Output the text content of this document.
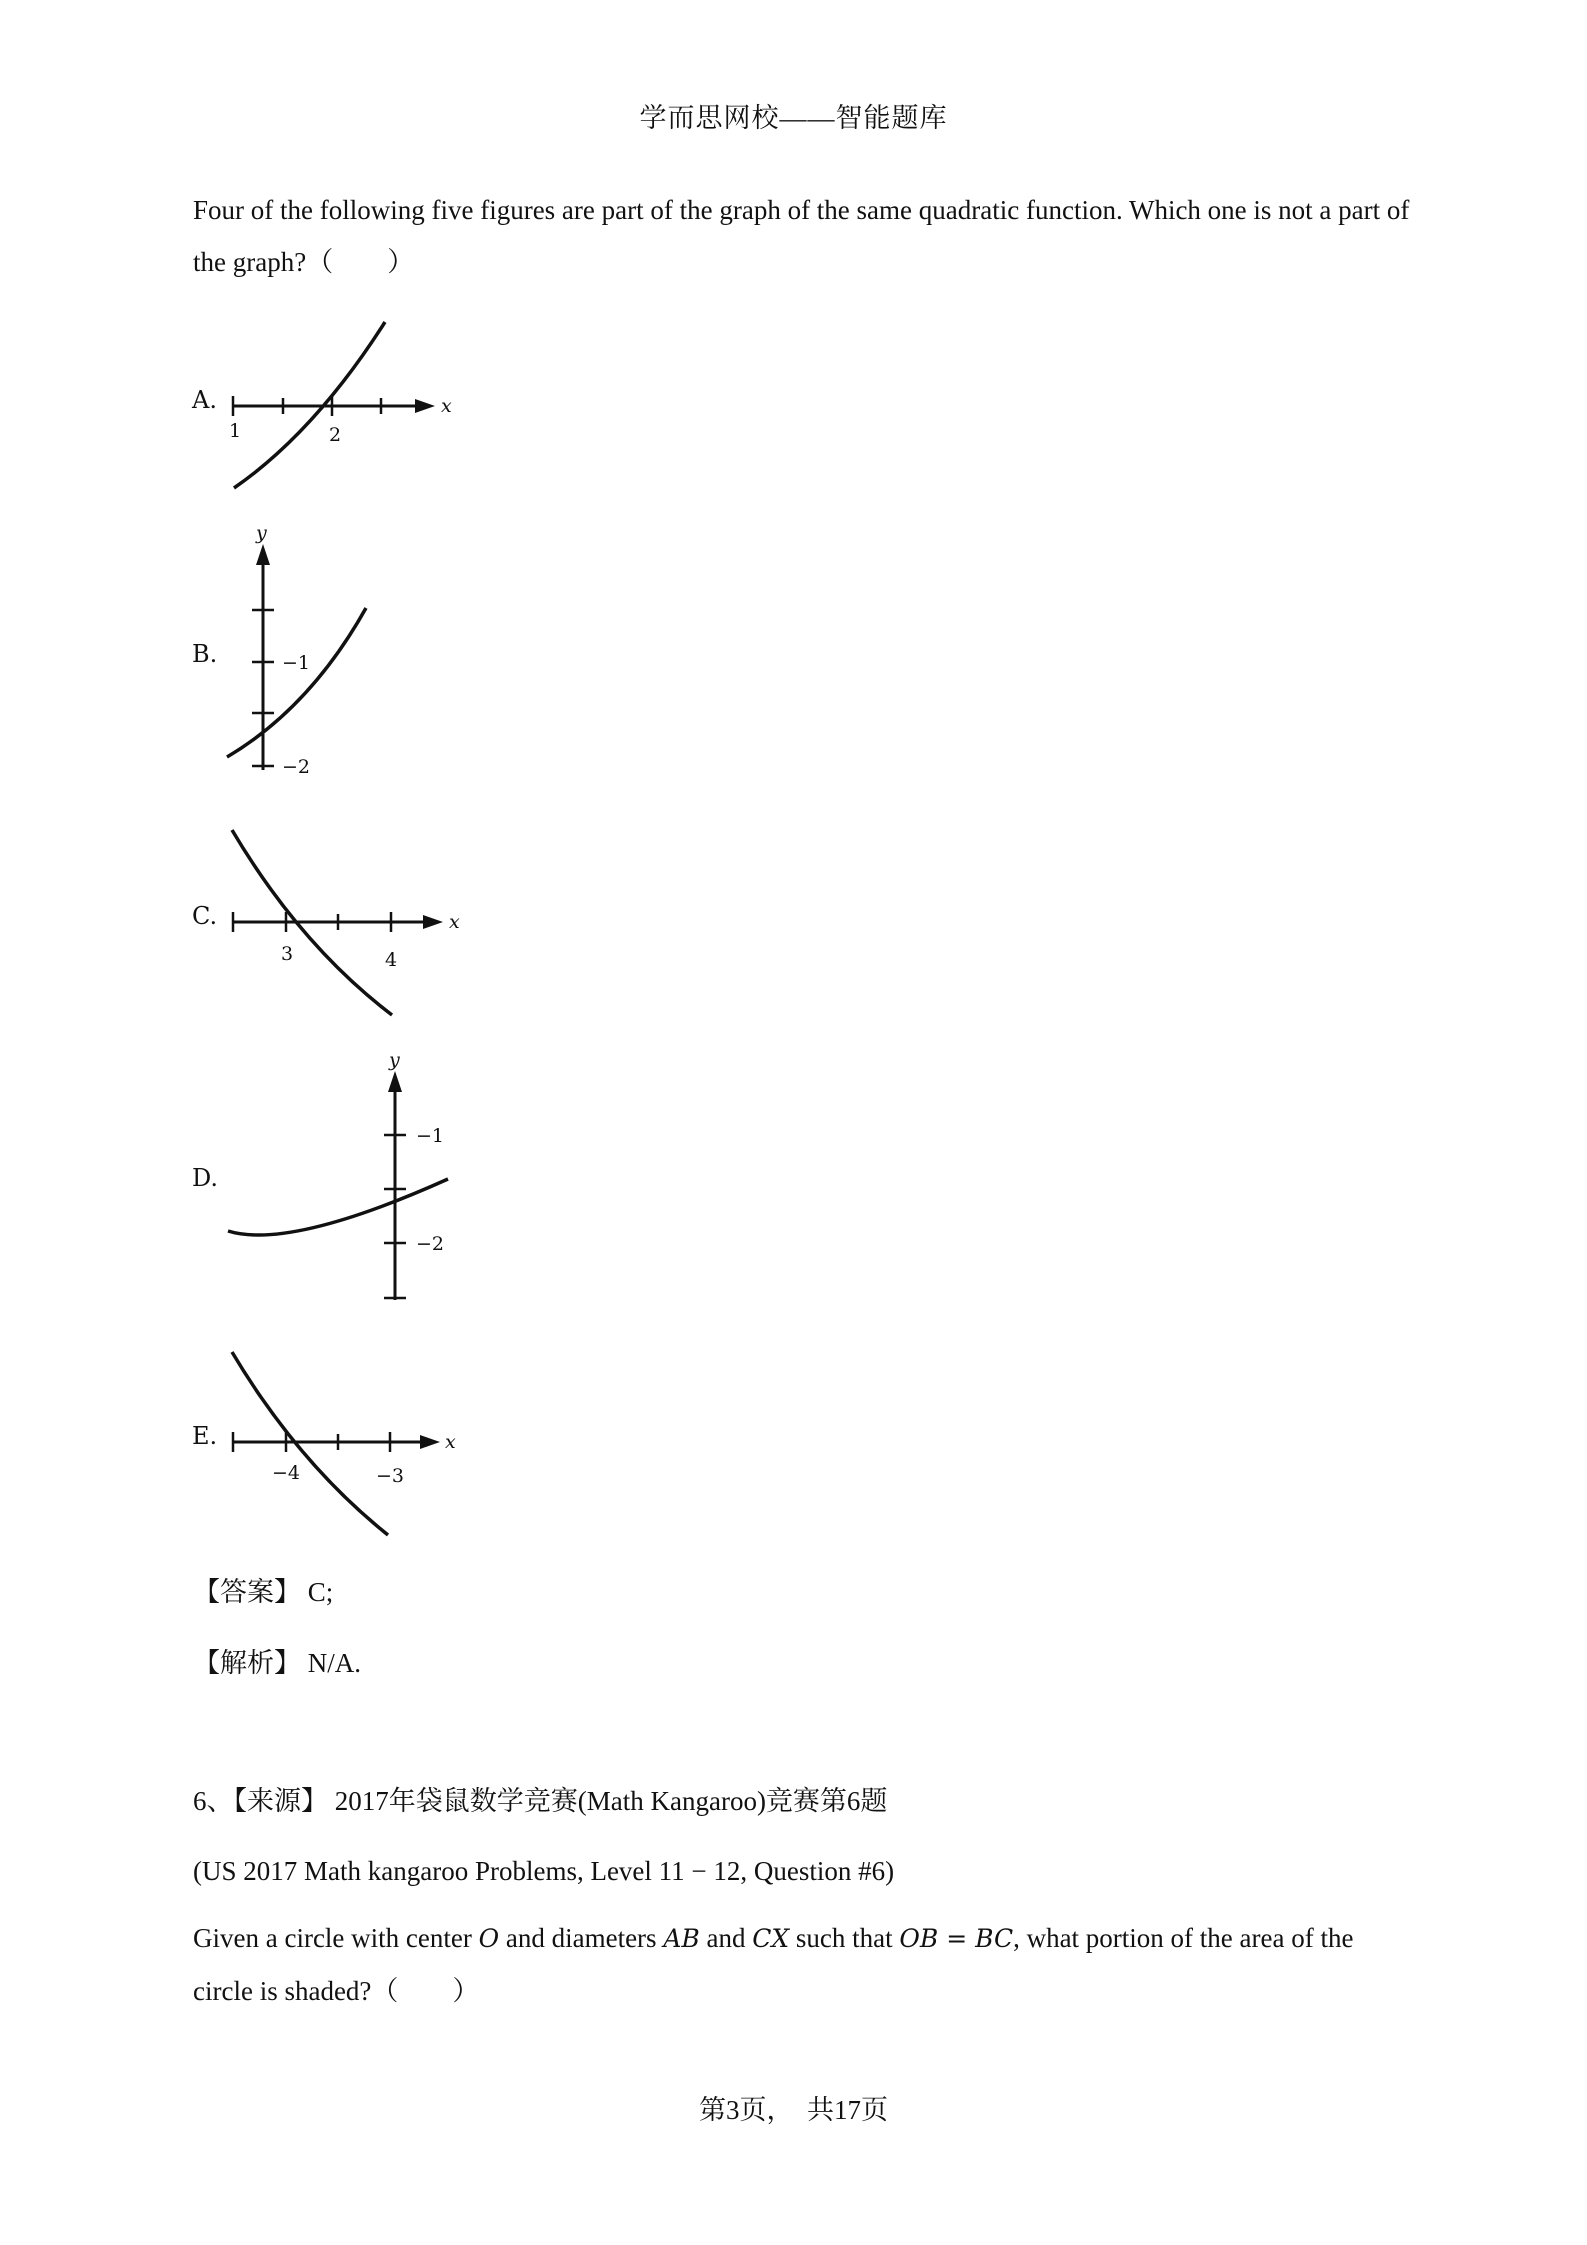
学而思网校——智能题库
Four of the following five figures are part of the graph of the same quadratic function. Which one is not a part of the graph?（　　）
A.
1	2
x
B.
y
−1
−2
C.
3	4
x
D.
y
−1
−2
E.
−4	−3
x
【答案】 C;
【解析】 N/A.
6、【来源】 2017年袋鼠数学竞赛(Math Kangaroo)竞赛第6题
(US 2017 Math kangaroo Problems, Level 11 − 12, Question #6)
Given a circle with center O and diameters AB and CX such that OB = BC, what portion of the area of the circle is shaded?（　　）
第3页，　共17页
